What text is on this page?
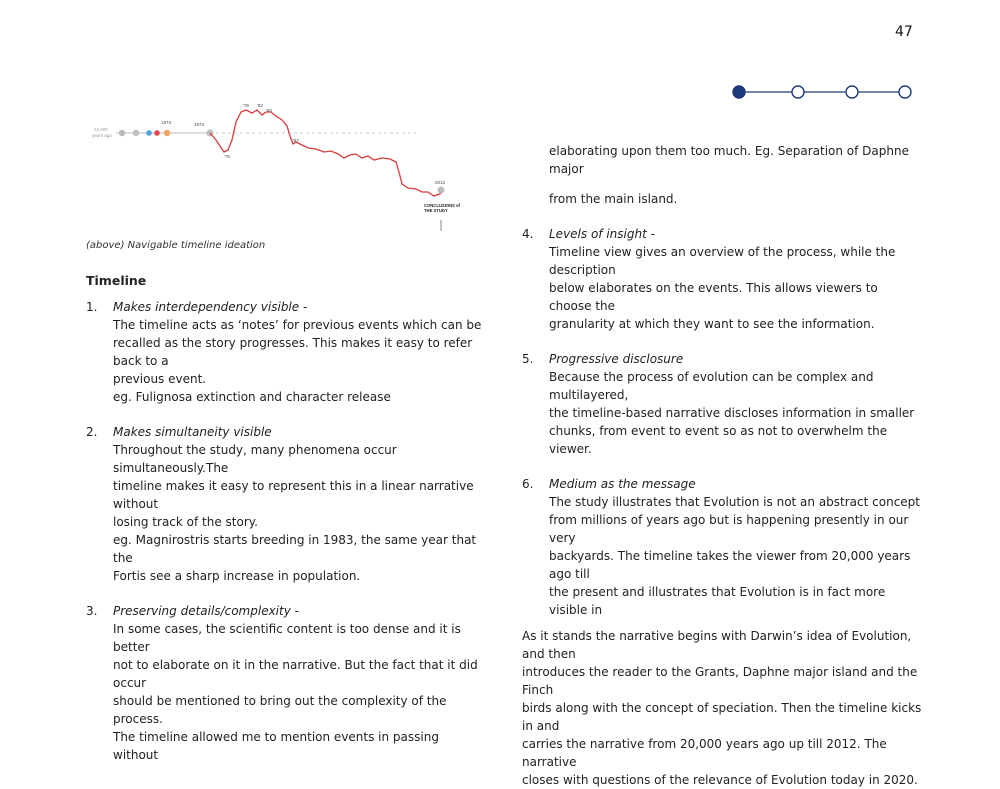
47
22,000
years ago
1973	1973
'76
'79 '82
'83
'87
2012
CONCLUSIONS of
THE STUDY
(above) Navigable timeline ideation
Timeline
1. Makes interdependency visible -

The timeline acts as ‘notes’ for previous events which can be

recalled as the story progresses. This makes it easy to refer back to a

previous event.

eg. Fulignosa extinction and character release

2. Makes simultaneity visible

Throughout the study, many phenomena occur simultaneously.The

timeline makes it easy to represent this in a linear narrative without

losing track of the story.

eg. Magnirostris starts breeding in 1983, the same year that the

Fortis see a sharp increase in population.

3. Preserving details/complexity -

In some cases, the scientific content is too dense and it is better

not to elaborate on it in the narrative. But the fact that it did occur

should be mentioned to bring out the complexity of the process.

The timeline allowed me to mention events in passing without

elaborating upon them too much. Eg. Separation of Daphne major

from the main island.

4. Levels of insight -

Timeline view gives an overview of the process, while the description

below elaborates on the events. This allows viewers to choose the

granularity at which they want to see the information.

5. Progressive disclosure

Because the process of evolution can be complex and multilayered,

the timeline-based narrative discloses information in smaller

chunks, from event to event so as not to overwhelm the viewer.

6. Medium as the message

The study illustrates that Evolution is not an abstract concept

from millions of years ago but is happening presently in our very

backyards. The timeline takes the viewer from 20,000 years ago till

the present and illustrates that Evolution is in fact more visible in

As it stands the narrative begins with Darwin’s idea of Evolution, and then

introduces the reader to the Grants, Daphne major island and the Finch

birds along with the concept of speciation. Then the timeline kicks in and

carries the narrative from 20,000 years ago up till 2012. The narrative

closes with questions of the relevance of Evolution today in 2020.
